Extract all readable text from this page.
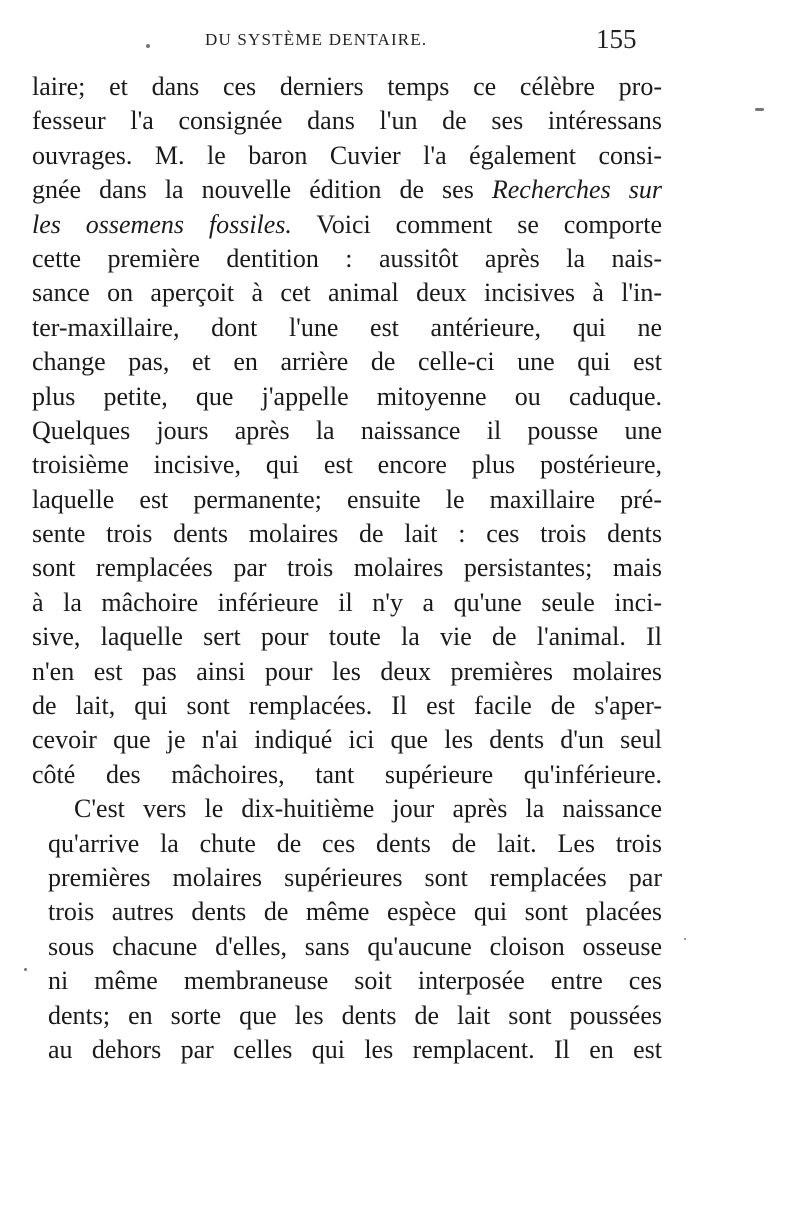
DU SYSTÈME DENTAIRE.	155
laire; et dans ces derniers temps ce célèbre pro-
fesseur l'a consignée dans l'un de ses intéressans
ouvrages. M. le baron Cuvier l'a également consi-
gnée dans la nouvelle édition de ses Recherches sur
les ossemens fossiles. Voici comment se comporte
cette première dentition : aussitôt après la nais-
sance on aperçoit à cet animal deux incisives à l'in-
ter-maxillaire, dont l'une est antérieure, qui ne
change pas, et en arrière de celle-ci une qui est
plus petite, que j'appelle mitoyenne ou caduque.
Quelques jours après la naissance il pousse une
troisième incisive, qui est encore plus postérieure,
laquelle est permanente; ensuite le maxillaire pré-
sente trois dents molaires de lait : ces trois dents
sont remplacées par trois molaires persistantes; mais
à la mâchoire inférieure il n'y a qu'une seule inci-
sive, laquelle sert pour toute la vie de l'animal. Il
n'en est pas ainsi pour les deux premières molaires
de lait, qui sont remplacées. Il est facile de s'aper-
cevoir que je n'ai indiqué ici que les dents d'un seul
côté des mâchoires, tant supérieure qu'inférieure.
C'est vers le dix-huitième jour après la naissance
qu'arrive la chute de ces dents de lait. Les trois
premières molaires supérieures sont remplacées par
trois autres dents de même espèce qui sont placées
sous chacune d'elles, sans qu'aucune cloison osseuse
ni même membraneuse soit interposée entre ces
dents; en sorte que les dents de lait sont poussées
au dehors par celles qui les remplacent. Il en est
